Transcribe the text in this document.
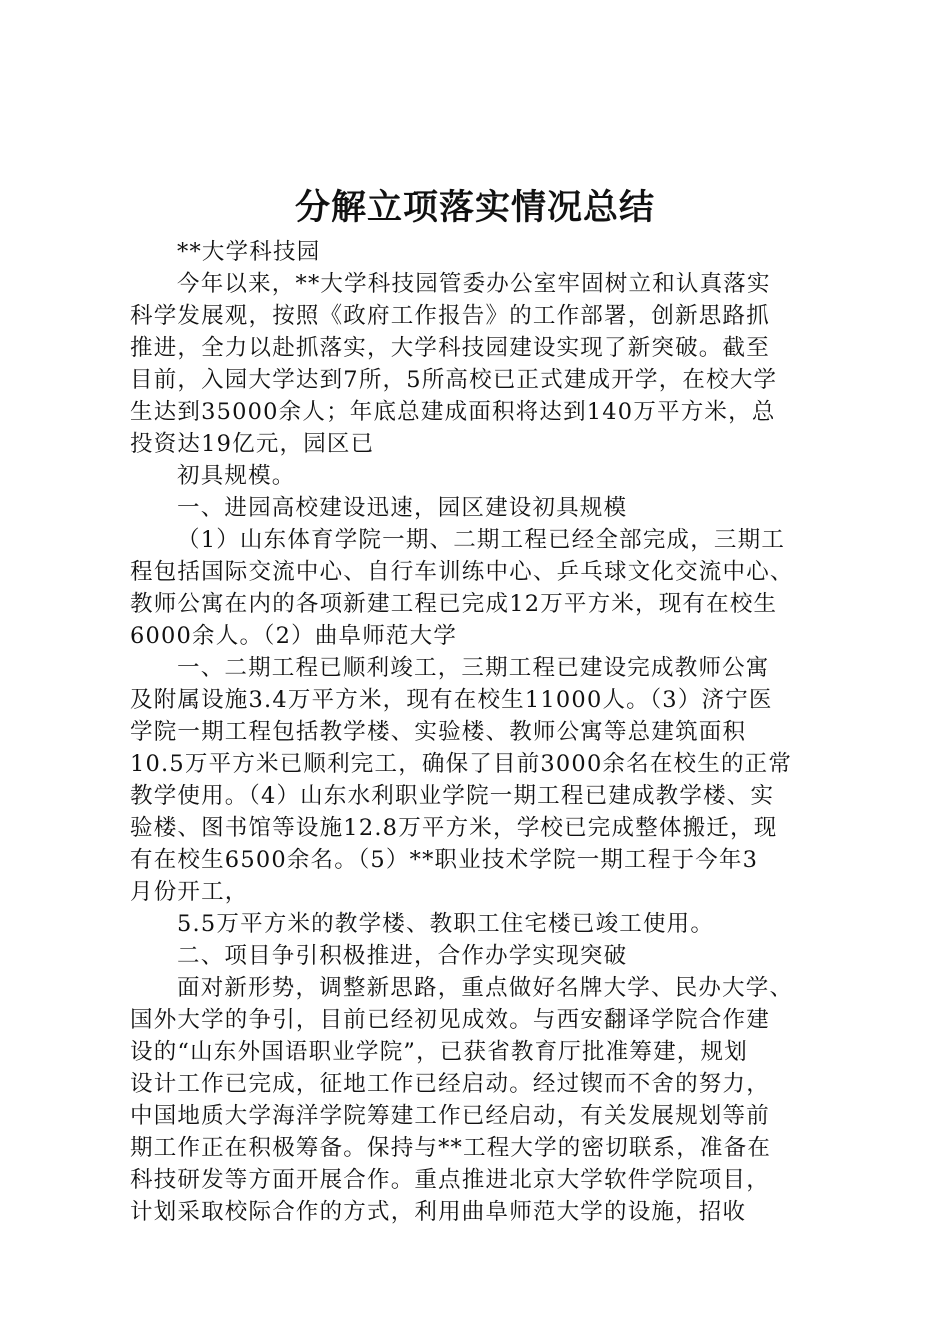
分解立项落实情况总结

**大学科技园

今年以来，**大学科技园管委办公室牢固树立和认真落实

科学发展观，按照《政府工作报告》的工作部署，创新思路抓

推进，全力以赴抓落实，大学科技园建设实现了新突破。截至

目前，入园大学达到7所，5所高校已正式建成开学，在校大学

生达到35000余人；年底总建成面积将达到140万平方米，总

投资达19亿元，园区已

初具规模。

一、进园高校建设迅速，园区建设初具规模

（1）山东体育学院一期、二期工程已经全部完成，三期工

程包括国际交流中心、自行车训练中心、乒乓球文化交流中心、

教师公寓在内的各项新建工程已完成12万平方米，现有在校生

6000余人。（2）曲阜师范大学

一、二期工程已顺利竣工，三期工程已建设完成教师公寓

及附属设施3.4万平方米，现有在校生11000人。（3）济宁医

学院一期工程包括教学楼、实验楼、教师公寓等总建筑面积

10.5万平方米已顺利完工，确保了目前3000余名在校生的正常

教学使用。（4）山东水利职业学院一期工程已建成教学楼、实

验楼、图书馆等设施12.8万平方米，学校已完成整体搬迁，现

有在校生6500余名。（5）**职业技术学院一期工程于今年3

月份开工，

5.5万平方米的教学楼、教职工住宅楼已竣工使用。

二、项目争引积极推进，合作办学实现突破

面对新形势，调整新思路，重点做好名牌大学、民办大学、

国外大学的争引，目前已经初见成效。与西安翻译学院合作建

设的“山东外国语职业学院”，已获省教育厅批准筹建，规划

设计工作已完成，征地工作已经启动。经过锲而不舍的努力，

中国地质大学海洋学院筹建工作已经启动，有关发展规划等前

期工作正在积极筹备。保持与**工程大学的密切联系，准备在

科技研发等方面开展合作。重点推进北京大学软件学院项目，

计划采取校际合作的方式，利用曲阜师范大学的设施，招收
